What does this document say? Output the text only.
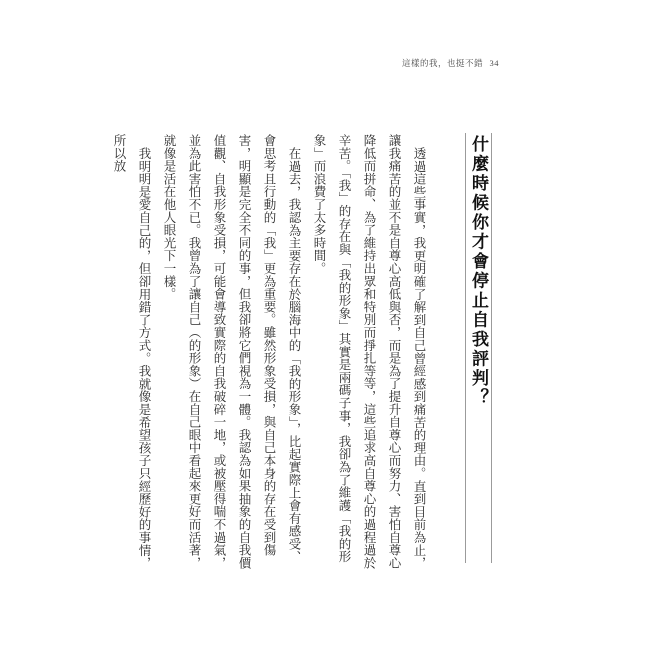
這樣的我，也挺不錯 34
什麼時候你才會停止自我評判？

透過這些事實，我更明確了解到自己曾經感到痛苦的理由。直到目前為止，讓我痛苦的並不是自尊心高低與否，而是為了提升自尊心而努力、害怕自尊心降低而拼命、為了維持出眾和特別而掙扎等等，這些追求高自尊心的過程過於辛苦。「我」的存在與「我的形象」其實是兩碼子事，我卻為了維護「我的形象」而浪費了太多時間。

在過去，我認為主要存在於腦海中的「我的形象」，比起實際上會有感受、會思考且行動的「我」更為重要。雖然形象受損，與自己本身的存在受到傷害，明顯是完全不同的事，但我卻將它們視為一體。我認為如果抽象的自我價值觀、自我形象受損，可能會導致實際的自我破碎一地，或被壓得喘不過氣，並為此害怕不已。我曾為了讓自己（的形象）在自己眼中看起來更好而活著，就像是活在他人眼光下一樣。

我明明是愛自己的，但卻用錯了方式。我就像是希望孩子只經歷好的事情，所以放
